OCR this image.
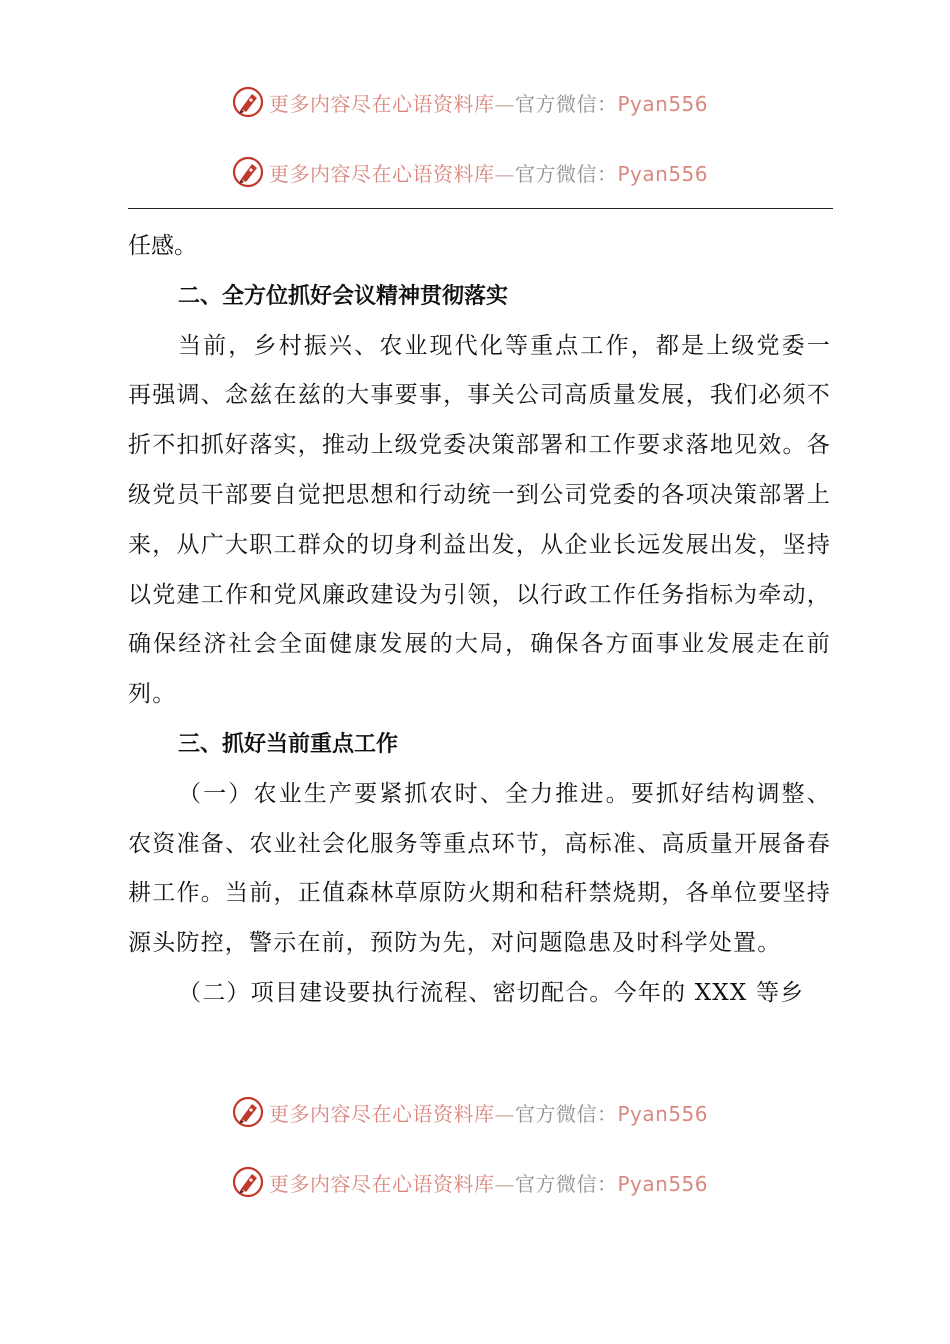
更多内容尽在心语资料库—官方微信：Pyan556
更多内容尽在心语资料库—官方微信：Pyan556

任感。

二、全方位抓好会议精神贯彻落实

当前，乡村振兴、农业现代化等重点工作，都是上级党委一再强调、念兹在兹的大事要事，事关公司高质量发展，我们必须不折不扣抓好落实，推动上级党委决策部署和工作要求落地见效。各级党员干部要自觉把思想和行动统一到公司党委的各项决策部署上来，从广大职工群众的切身利益出发，从企业长远发展出发，坚持以党建工作和党风廉政建设为引领，以行政工作任务指标为牵动，确保经济社会全面健康发展的大局，确保各方面事业发展走在前列。

三、抓好当前重点工作

（一）农业生产要紧抓农时、全力推进。要抓好结构调整、农资准备、农业社会化服务等重点环节，高标准、高质量开展备春耕工作。当前，正值森林草原防火期和秸秆禁烧期，各单位要坚持源头防控，警示在前，预防为先，对问题隐患及时科学处置。

（二）项目建设要执行流程、密切配合。今年的 XXX 等乡

更多内容尽在心语资料库—官方微信：Pyan556
更多内容尽在心语资料库—官方微信：Pyan556
